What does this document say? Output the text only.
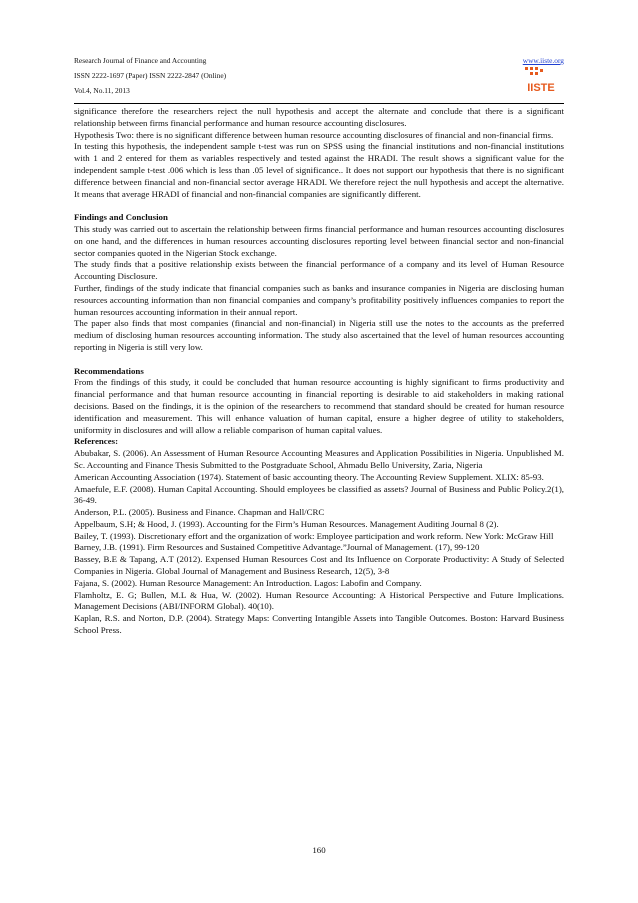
Research Journal of Finance and Accounting
ISSN 2222-1697 (Paper) ISSN 2222-2847 (Online)
Vol.4, No.11, 2013
www.iiste.org
IISTE

significance therefore the researchers reject the null hypothesis and accept the alternate and conclude that there is a significant relationship between firms financial performance and human resource accounting disclosures.

Hypothesis Two: there is no significant difference between human resource accounting disclosures of financial and non-financial firms.

In testing this hypothesis, the independent sample t-test was run on SPSS using the financial institutions and non-financial institutions with 1 and 2 entered for them as variables respectively and tested against the HRADI. The result shows a significant value for the independent sample t-test .006 which is less than .05 level of significance.. It does not support our hypothesis that there is no significant difference between financial and non-financial sector average HRADI. We therefore reject the null hypothesis and accept the alternative. It means that average HRADI of financial and non-financial companies are significantly different.

Findings and Conclusion

This study was carried out to ascertain the relationship between firms financial performance and human resources accounting disclosures on one hand, and the differences in human resources accounting disclosures reporting level between financial sector and non-financial sector companies quoted in the Nigerian Stock exchange.

The study finds that a positive relationship exists between the financial performance of a company and its level of Human Resource Accounting Disclosure.

Further, findings of the study indicate that financial companies such as banks and insurance companies in Nigeria are disclosing human resources accounting information than non financial companies and company’s profitability positively influences companies to report the human resources accounting information in their annual report.

The paper also finds that most companies (financial and non-financial) in Nigeria still use the notes to the accounts as the preferred medium of disclosing human resources accounting information. The study also ascertained that the level of human resources accounting reporting in Nigeria is still very low.

Recommendations

From the findings of this study, it could be concluded that human resource accounting is highly significant to firms productivity and financial performance and that human resource accounting in financial reporting is desirable to aid stakeholders in making rational decisions. Based on the findings, it is the opinion of the researchers to recommend that standard should be created for human resource identification and measurement. This will enhance valuation of human capital, ensure a higher degree of utility to stakeholders, uniformity in disclosures and will allow a reliable comparison of human capital values.

References:

Abubakar, S. (2006). An Assessment of Human Resource Accounting Measures and Application Possibilities in Nigeria. Unpublished M. Sc. Accounting and Finance Thesis Submitted to the Postgraduate School, Ahmadu Bello University, Zaria, Nigeria

American Accounting Association (1974). Statement of basic accounting theory. The Accounting Review Supplement. XLIX: 85-93.

Amaefule, E.F. (2008). Human Capital Accounting. Should employees be classified as assets? Journal of Business and Public Policy.2(1), 36-49.

Anderson, P.L. (2005). Business and Finance. Chapman and Hall/CRC

Appelbaum, S.H; & Hood, J. (1993). Accounting for the Firm’s Human Resources. Management Auditing Journal 8 (2).

Bailey, T. (1993). Discretionary effort and the organization of work: Employee participation and work reform. New York: McGraw Hill

Barney, J.B. (1991). Firm Resources and Sustained Competitive Advantage.”Journal of Management. (17), 99-120

Bassey, B.E & Tapang, A.T (2012). Expensed Human Resources Cost and Its Influence on Corporate Productivity: A Study of Selected Companies in Nigeria. Global Journal of Management and Business Research, 12(5), 3-8

Fajana, S. (2002). Human Resource Management: An Introduction. Lagos: Labofin and Company.

Flamholtz, E. G; Bullen, M.L & Hua, W. (2002). Human Resource Accounting: A Historical Perspective and Future Implications. Management Decisions (ABI/INFORM Global). 40(10).

Kaplan, R.S. and Norton, D.P. (2004). Strategy Maps: Converting Intangible Assets into Tangible Outcomes. Boston: Harvard Business School Press.

160
